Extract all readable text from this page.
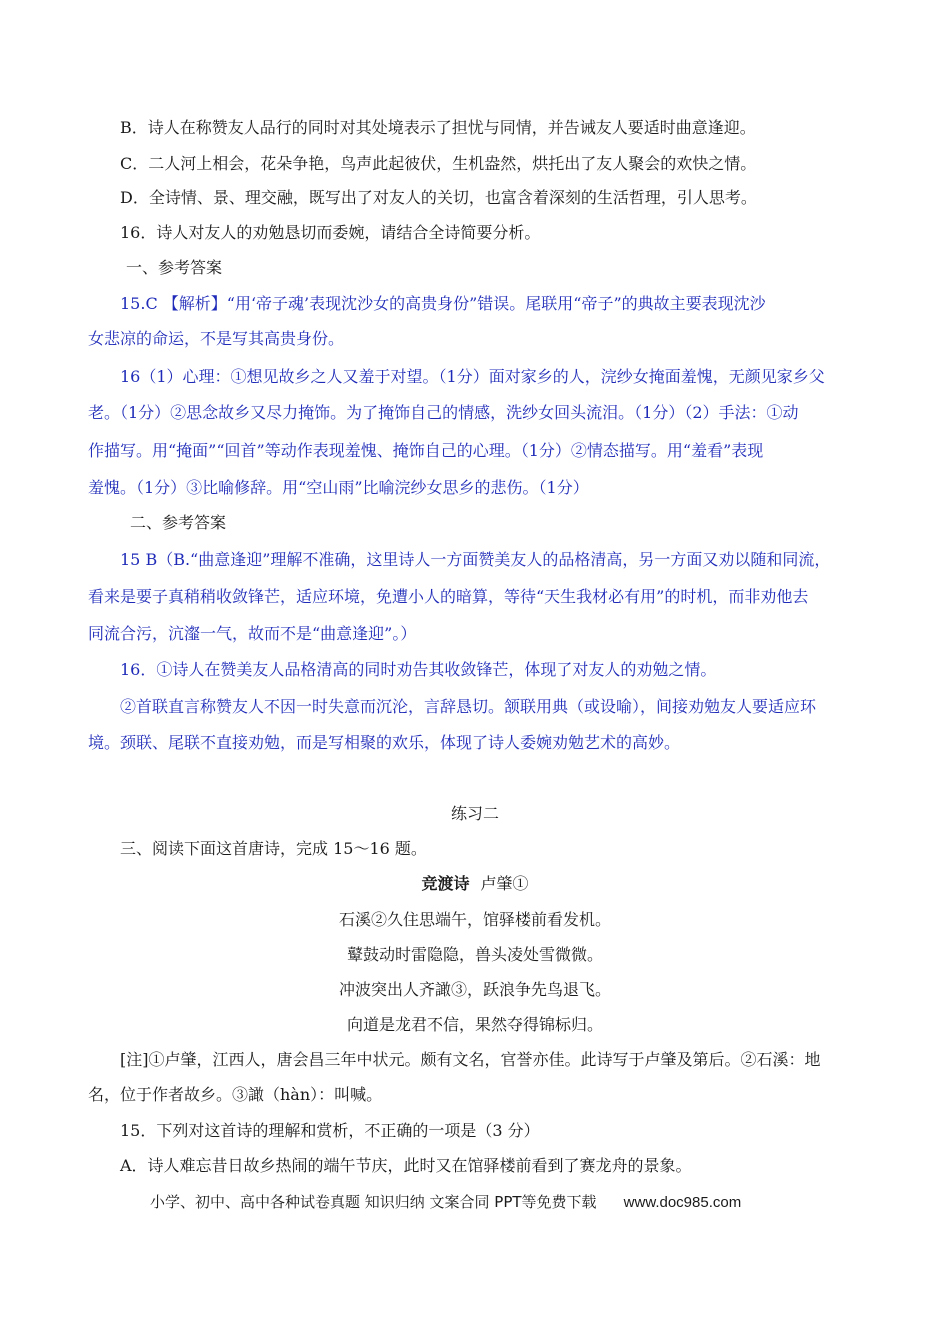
B．诗人在称赞友人品行的同时对其处境表示了担忧与同情，并告诫友人要适时曲意逢迎。
C．二人河上相会，花朵争艳，鸟声此起彼伏，生机盎然，烘托出了友人聚会的欢快之情。
D．全诗情、景、理交融，既写出了对友人的关切，也富含着深刻的生活哲理，引人思考。
16．诗人对友人的劝勉恳切而委婉，请结合全诗简要分析。
一、参考答案
15.C 【解析】“用‘帝子魂’表现沈沙女的高贵身份”错误。尾联用“帝子”的典故主要表现沈沙
女悲凉的命运，不是写其高贵身份。
16（1）心理：①想见故乡之人又羞于对望。（1分）面对家乡的人，浣纱女掩面羞愧，无颜见家乡父
老。（1分）②思念故乡又尽力掩饰。为了掩饰自己的情感，洗纱女回头流泪。（1分）（2）手法：①动
作描写。用“掩面”“回首”等动作表现羞愧、掩饰自己的心理。（1分）②情态描写。用“羞看”表现
羞愧。（1分）③比喻修辞。用“空山雨”比喻浣纱女思乡的悲伤。（1分）
二、参考答案
15 B（B.“曲意逢迎”理解不准确，这里诗人一方面赞美友人的品格清高，另一方面又劝以随和同流，
看来是要子真稍稍收敛锋芒，适应环境，免遭小人的暗算，等待“天生我材必有用”的时机，而非劝他去
同流合污，沆瀣一气，故而不是“曲意逢迎”。）
16．①诗人在赞美友人品格清高的同时劝告其收敛锋芒，体现了对友人的劝勉之情。
②首联直言称赞友人不因一时失意而沉沦，言辞恳切。颔联用典（或设喻），间接劝勉友人要适应环
境。颈联、尾联不直接劝勉，而是写相聚的欢乐，体现了诗人委婉劝勉艺术的高妙。
练习二
三、阅读下面这首唐诗，完成 15～16 题。
竞渡诗 卢肇①
石溪②久住思端午，馆驿楼前看发机。
鼙鼓动时雷隐隐，兽头凌处雪微微。
冲波突出人齐譀③，跃浪争先鸟退飞。
向道是龙君不信，果然夺得锦标归。
[注]①卢肇，江西人，唐会昌三年中状元。颇有文名，官誉亦佳。此诗写于卢肇及第后。②石溪：地
名，位于作者故乡。③譀（hàn）：叫喊。
15．下列对这首诗的理解和赏析，不正确的一项是（3 分）
A．诗人难忘昔日故乡热闹的端午节庆，此时又在馆驿楼前看到了赛龙舟的景象。
小学、初中、高中各种试卷真题 知识归纳 文案合同 PPT等免费下载 www.doc985.com
